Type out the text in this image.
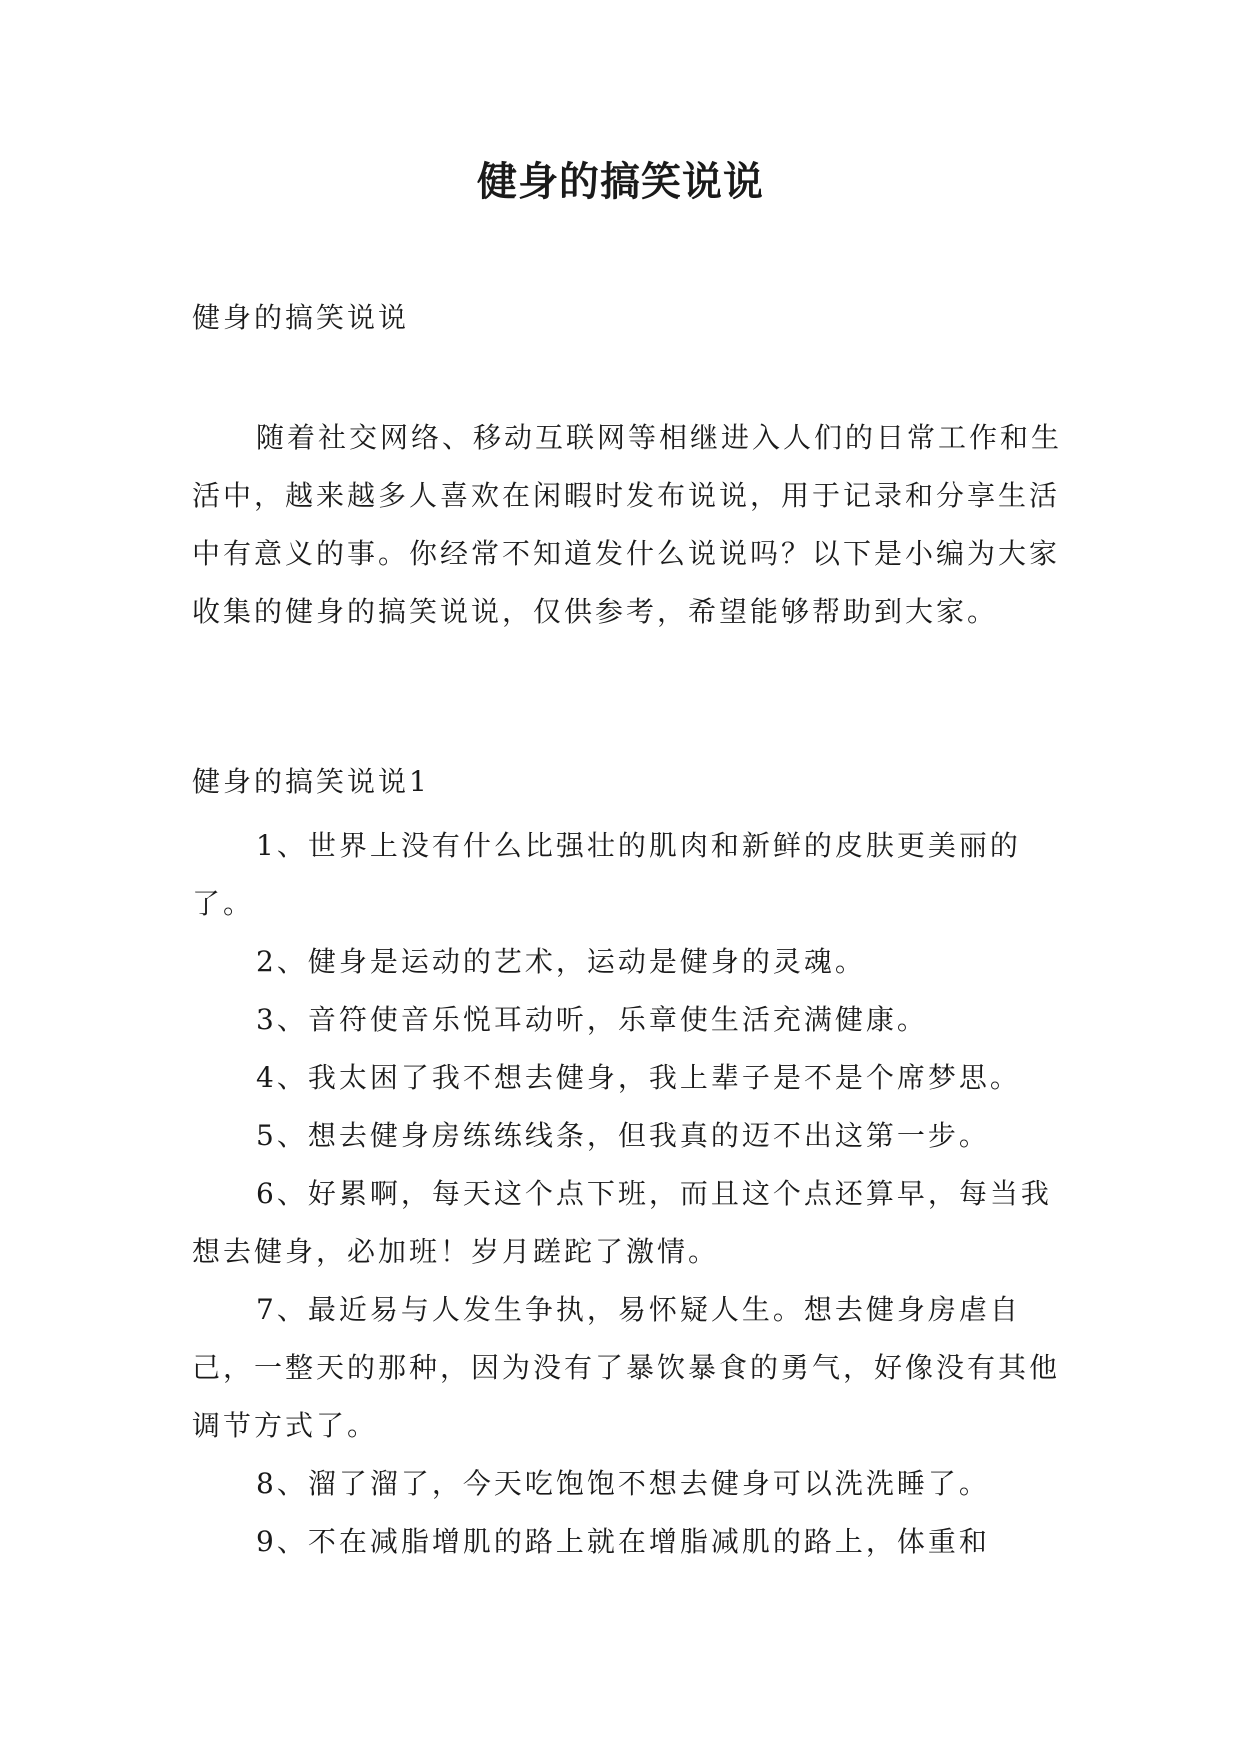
健身的搞笑说说
健身的搞笑说说

随着社交网络、移动互联网等相继进入人们的日常工作和生活中，越来越多人喜欢在闲暇时发布说说，用于记录和分享生活中有意义的事。你经常不知道发什么说说吗？以下是小编为大家收集的健身的搞笑说说，仅供参考，希望能够帮助到大家。

健身的搞笑说说1

1、世界上没有什么比强壮的肌肉和新鲜的皮肤更美丽的了。

2、健身是运动的艺术，运动是健身的灵魂。

3、音符使音乐悦耳动听，乐章使生活充满健康。

4、我太困了我不想去健身，我上辈子是不是个席梦思。

5、想去健身房练练线条，但我真的迈不出这第一步。

6、好累啊，每天这个点下班，而且这个点还算早，每当我想去健身，必加班！岁月蹉跎了激情。

7、最近易与人发生争执，易怀疑人生。想去健身房虐自己，一整天的那种，因为没有了暴饮暴食的勇气，好像没有其他调节方式了。

8、溜了溜了，今天吃饱饱不想去健身可以洗洗睡了。

9、不在减脂增肌的路上就在增脂减肌的路上，体重和
